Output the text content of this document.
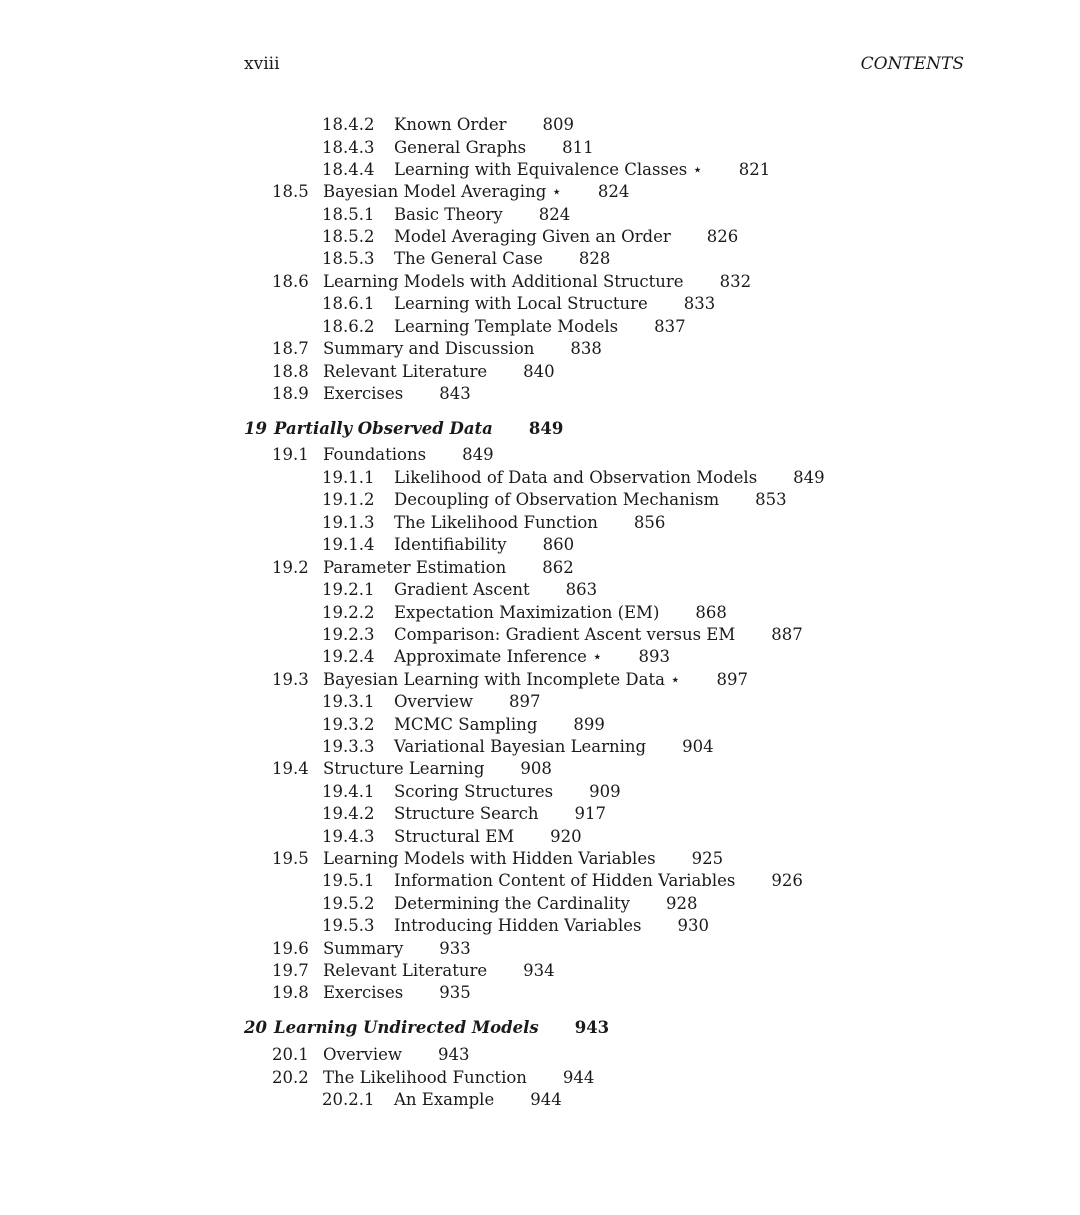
xviii	CONTENTS
18.4.2 Known Order 809
18.4.3 General Graphs 811
18.4.4 Learning with Equivalence Classes ⋆ 821
18.5 Bayesian Model Averaging ⋆ 824
18.5.1 Basic Theory 824
18.5.2 Model Averaging Given an Order 826
18.5.3 The General Case 828
18.6 Learning Models with Additional Structure 832
18.6.1 Learning with Local Structure 833
18.6.2 Learning Template Models 837
18.7 Summary and Discussion 838
18.8 Relevant Literature 840
18.9 Exercises 843
19 Partially Observed Data 849
19.1 Foundations 849
19.1.1 Likelihood of Data and Observation Models 849
19.1.2 Decoupling of Observation Mechanism 853
19.1.3 The Likelihood Function 856
19.1.4 Identifiability 860
19.2 Parameter Estimation 862
19.2.1 Gradient Ascent 863
19.2.2 Expectation Maximization (EM) 868
19.2.3 Comparison: Gradient Ascent versus EM 887
19.2.4 Approximate Inference ⋆ 893
19.3 Bayesian Learning with Incomplete Data ⋆ 897
19.3.1 Overview 897
19.3.2 MCMC Sampling 899
19.3.3 Variational Bayesian Learning 904
19.4 Structure Learning 908
19.4.1 Scoring Structures 909
19.4.2 Structure Search 917
19.4.3 Structural EM 920
19.5 Learning Models with Hidden Variables 925
19.5.1 Information Content of Hidden Variables 926
19.5.2 Determining the Cardinality 928
19.5.3 Introducing Hidden Variables 930
19.6 Summary 933
19.7 Relevant Literature 934
19.8 Exercises 935
20 Learning Undirected Models 943
20.1 Overview 943
20.2 The Likelihood Function 944
20.2.1 An Example 944
